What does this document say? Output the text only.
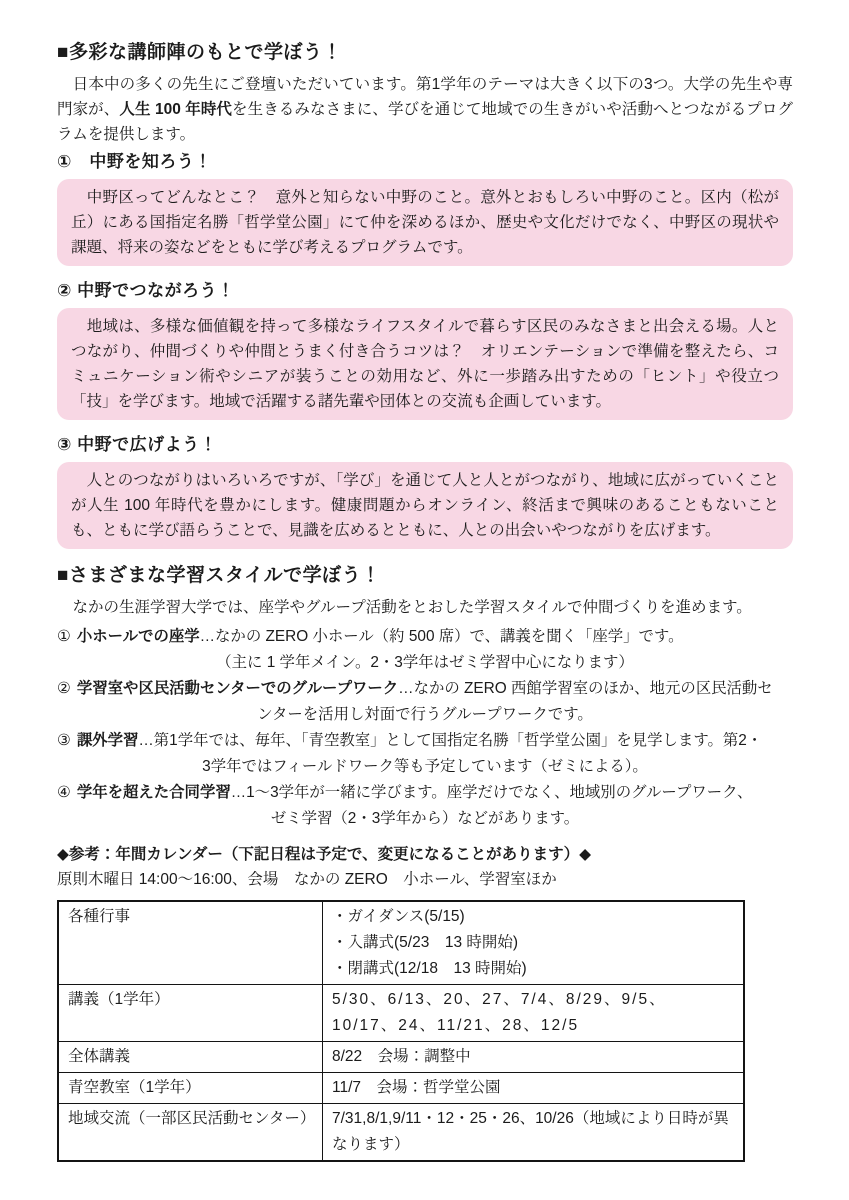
■多彩な講師陣のもとで学ぼう！

　日本中の多くの先生にご登壇いただいています。第1学年のテーマは大きく以下の3つ。大学の先生や専門家が、人生 100 年時代を生きるみなさまに、学びを通じて地域での生きがいや活動へとつながるプログラムを提供します。

①　中野を知ろう！

　中野区ってどんなとこ？　意外と知らない中野のこと。意外とおもしろい中野のこと。区内（松が丘）にある国指定名勝「哲学堂公園」にて仲を深めるほか、歴史や文化だけでなく、中野区の現状や課題、将来の姿などをともに学び考えるプログラムです。

② 中野でつながろう！

　地域は、多様な価値観を持って多様なライフスタイルで暮らす区民のみなさまと出会える場。人とつながり、仲間づくりや仲間とうまく付き合うコツは？　オリエンテーションで準備を整えたら、コミュニケーション術やシニアが装うことの効用など、外に一歩踏み出すための「ヒント」や役立つ「技」を学びます。地域で活躍する諸先輩や団体との交流も企画しています。

③ 中野で広げよう！

　人とのつながりはいろいろですが、「学び」を通じて人と人とがつながり、地域に広がっていくことが人生 100 年時代を豊かにします。健康問題からオンライン、終活まで興味のあることもないことも、ともに学び語らうことで、見識を広めるとともに、人との出会いやつながりを広げます。

■さまざまな学習スタイルで学ぼう！

　なかの生涯学習大学では、座学やグループ活動をとおした学習スタイルで仲間づくりを進めます。

① 小ホールでの座学…なかの ZERO 小ホール（約 500 席）で、講義を聞く「座学」です。

（主に 1 学年メイン。2・3学年はゼミ学習中心になります）

② 学習室や区民活動センターでのグループワーク…なかの ZERO 西館学習室のほか、地元の区民活動セ

ンターを活用し対面で行うグループワークです。

③ 課外学習…第1学年では、毎年、「青空教室」として国指定名勝「哲学堂公園」を見学します。第2・

3学年ではフィールドワーク等も予定しています（ゼミによる）。

④ 学年を超えた合同学習…1～3学年が一緒に学びます。座学だけでなく、地域別のグループワーク、

ゼミ学習（2・3学年から）などがあります。

◆参考：年間カレンダー（下記日程は予定で、変更になることがあります）◆

原則木曜日 14:00～16:00、会場　なかの ZERO　小ホール、学習室ほか

各種行事	・ガイダンス(5/15)
・入講式(5/23　13 時開始)
・閉講式(12/18　13 時開始)

講義（1学年）	5/30、6/13、20、27、7/4、8/29、9/5、
10/17、24、11/21、28、12/5

全体講義	8/22　会場：調整中

青空教室（1学年）	11/7　会場：哲学堂公園

地域交流（一部区民活動センター）	7/31,8/1,9/11・12・25・26、10/26（地域により日時が異なります）
